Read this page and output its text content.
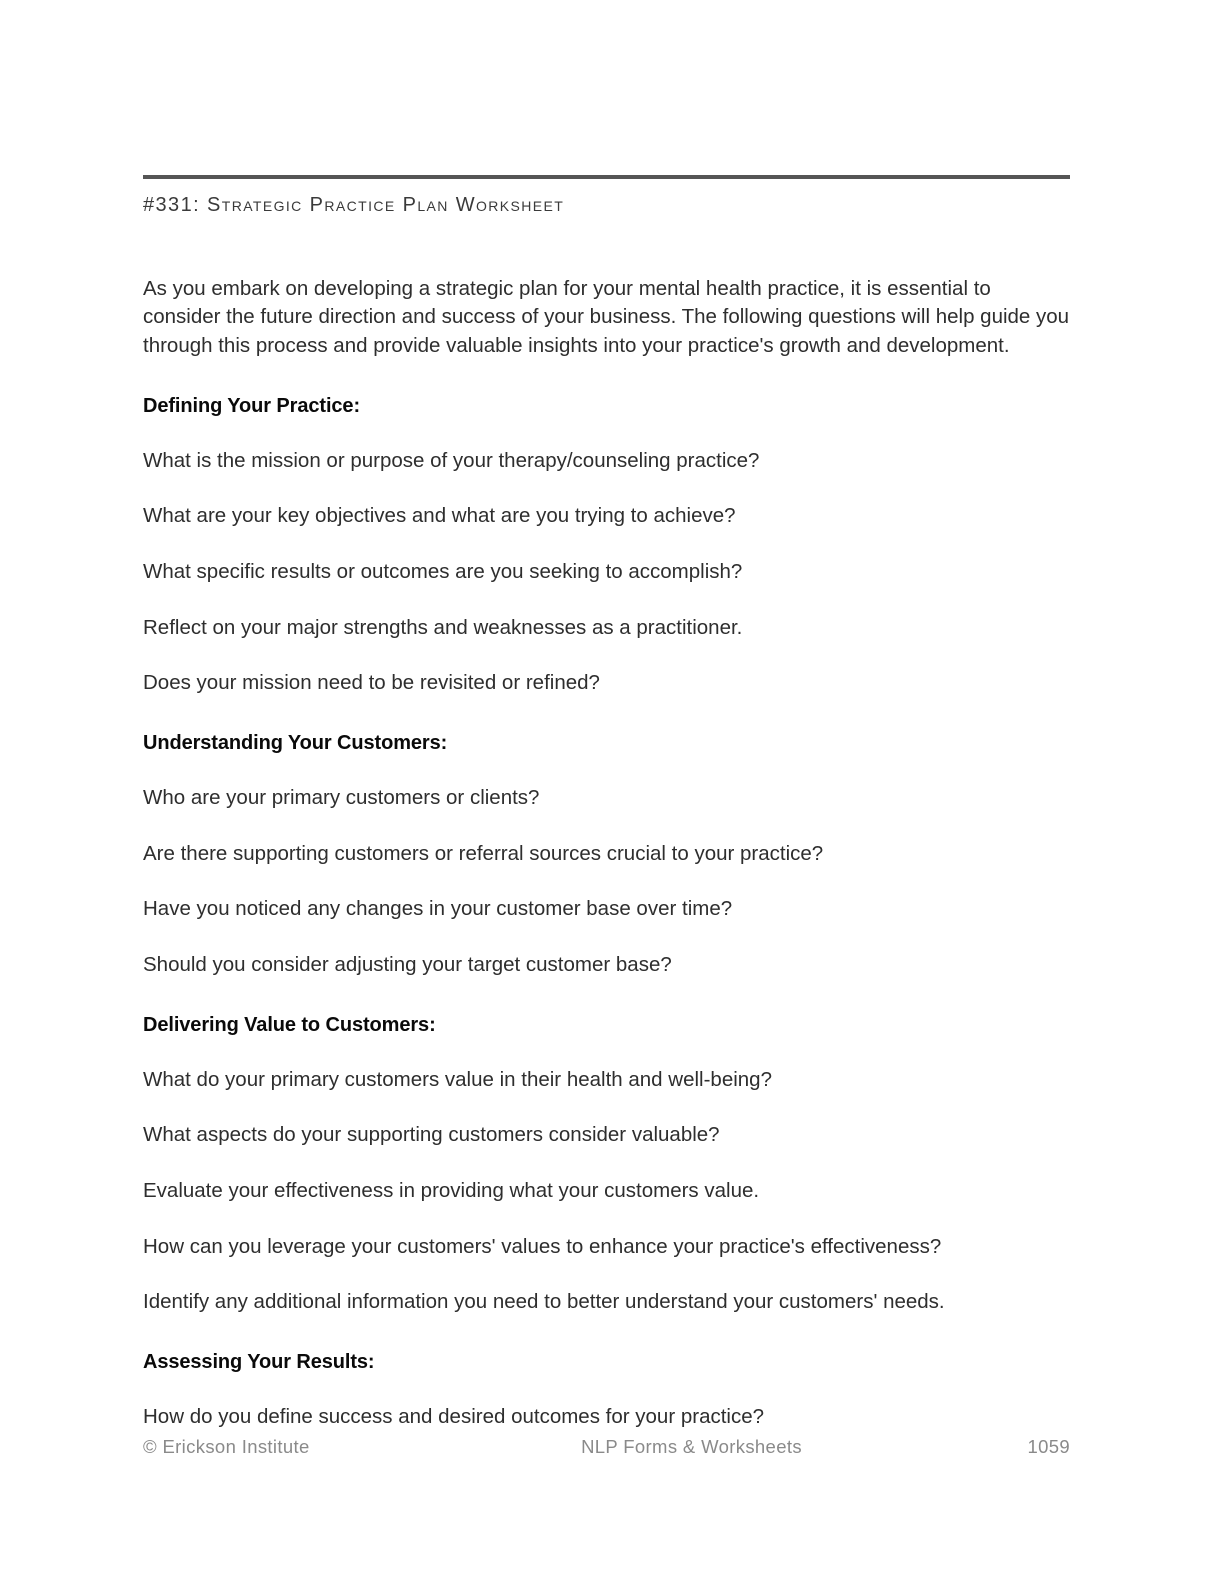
#331: Strategic Practice Plan Worksheet

As you embark on developing a strategic plan for your mental health practice, it is essential to consider the future direction and success of your business. The following questions will help guide you through this process and provide valuable insights into your practice's growth and development.

Defining Your Practice:
What is the mission or purpose of your therapy/counseling practice?
What are your key objectives and what are you trying to achieve?
What specific results or outcomes are you seeking to accomplish?
Reflect on your major strengths and weaknesses as a practitioner.
Does your mission need to be revisited or refined?
Understanding Your Customers:
Who are your primary customers or clients?
Are there supporting customers or referral sources crucial to your practice?
Have you noticed any changes in your customer base over time?
Should you consider adjusting your target customer base?
Delivering Value to Customers:
What do your primary customers value in their health and well-being?
What aspects do your supporting customers consider valuable?
Evaluate your effectiveness in providing what your customers value.
How can you leverage your customers' values to enhance your practice's effectiveness?
Identify any additional information you need to better understand your customers' needs.
Assessing Your Results:
How do you define success and desired outcomes for your practice?
© Erickson Institute	NLP Forms & Worksheets	1059
